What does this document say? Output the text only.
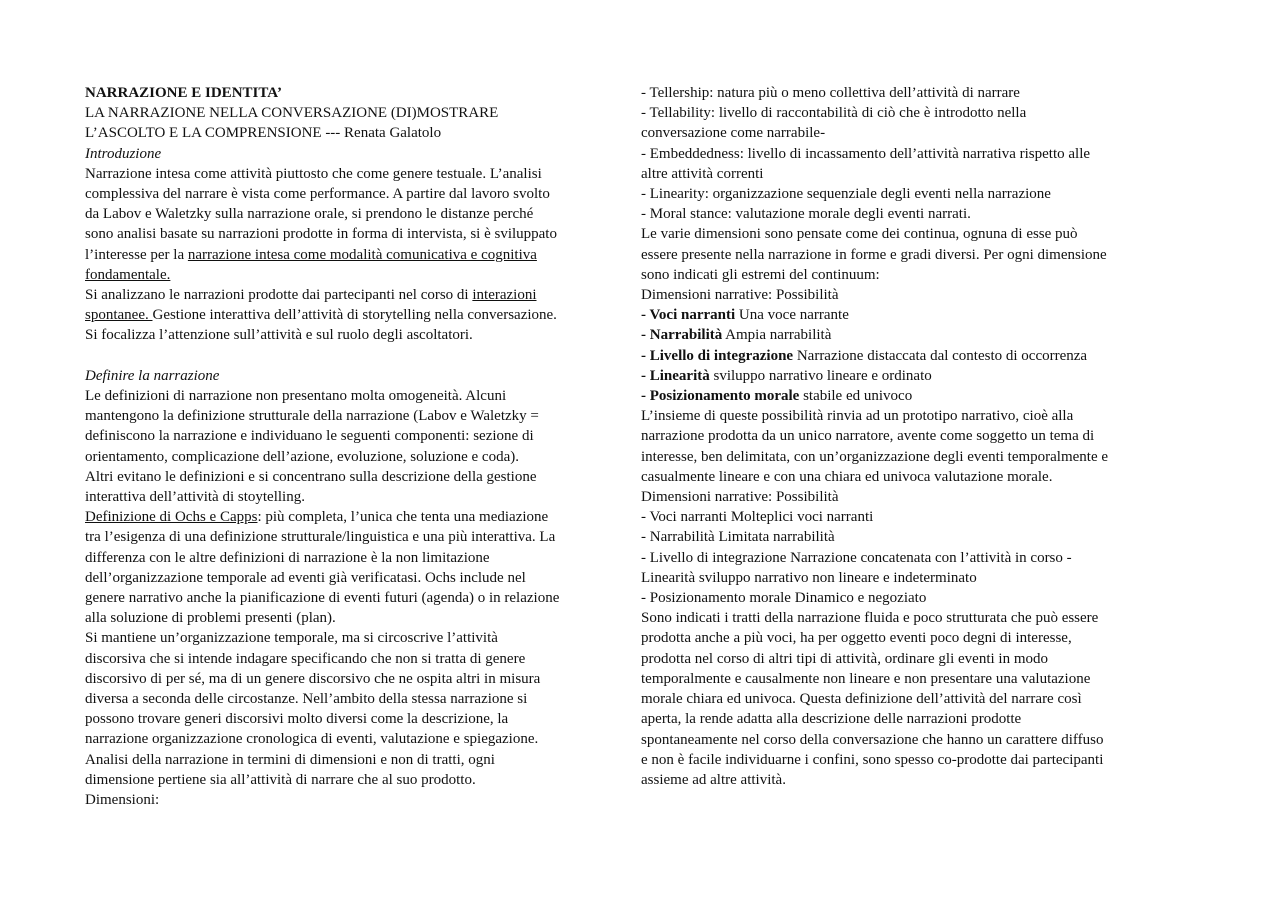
NARRAZIONE E IDENTITA’
LA NARRAZIONE NELLA CONVERSAZIONE (DI)MOSTRARE
L’ASCOLTO E LA COMPRENSIONE --- Renata Galatolo
Introduzione
Narrazione intesa come attività piuttosto che come genere testuale. L’analisi
complessiva del narrare è vista come performance. A partire dal lavoro svolto
da Labov e Waletzky sulla narrazione orale, si prendono le distanze perché
sono analisi basate su narrazioni prodotte in forma di intervista, si è sviluppato
l’interesse per la narrazione intesa come modalità comunicativa e cognitiva
fondamentale.
Si analizzano le narrazioni prodotte dai partecipanti nel corso di interazioni
spontanee. Gestione interattiva dell’attività di storytelling nella conversazione.
Si focalizza l’attenzione sull’attività e sul ruolo degli ascoltatori.
Definire la narrazione
Le definizioni di narrazione non presentano molta omogeneità. Alcuni
mantengono la definizione strutturale della narrazione (Labov e Waletzky =
definiscono la narrazione e individuano le seguenti componenti: sezione di
orientamento, complicazione dell’azione, evoluzione, soluzione e coda).
Altri evitano le definizioni e si concentrano sulla descrizione della gestione
interattiva dell’attività di stoytelling.
Definizione di Ochs e Capps: più completa, l’unica che tenta una mediazione
tra l’esigenza di una definizione strutturale/linguistica e una più interattiva. La
differenza con le altre definizioni di narrazione è la non limitazione
dell’organizzazione temporale ad eventi già verificatasi. Ochs include nel
genere narrativo anche la pianificazione di eventi futuri (agenda) o in relazione
alla soluzione di problemi presenti (plan).
Si mantiene un’organizzazione temporale, ma si circoscrive l’attività
discorsiva che si intende indagare specificando che non si tratta di genere
discorsivo di per sé, ma di un genere discorsivo che ne ospita altri in misura
diversa a seconda delle circostanze. Nell’ambito della stessa narrazione si
possono trovare generi discorsivi molto diversi come la descrizione, la
narrazione organizzazione cronologica di eventi, valutazione e spiegazione.
Analisi della narrazione in termini di dimensioni e non di tratti, ogni
dimensione pertiene sia all’attività di narrare che al suo prodotto.
Dimensioni:
- Tellership: natura più o meno collettiva dell’attività di narrare
- Tellability: livello di raccontabilità di ciò che è introdotto nella
conversazione come narrabile-
- Embeddedness: livello di incassamento dell’attività narrativa rispetto alle
altre attività correnti
- Linearity: organizzazione sequenziale degli eventi nella narrazione
- Moral stance: valutazione morale degli eventi narrati.
Le varie dimensioni sono pensate come dei continua, ognuna di esse può
essere presente nella narrazione in forme e gradi diversi. Per ogni dimensione
sono indicati gli estremi del continuum:
Dimensioni narrative: Possibilità
- Voci narranti Una voce narrante
- Narrabilità Ampia narrabilità
- Livello di integrazione Narrazione distaccata dal contesto di occorrenza
- Linearità sviluppo narrativo lineare e ordinato
- Posizionamento morale stabile ed univoco
L’insieme di queste possibilità rinvia ad un prototipo narrativo, cioè alla
narrazione prodotta da un unico narratore, avente come soggetto un tema di
interesse, ben delimitata, con un’organizzazione degli eventi temporalmente e
casualmente lineare e con una chiara ed univoca valutazione morale.
Dimensioni narrative: Possibilità
- Voci narranti Molteplici voci narranti
- Narrabilità Limitata narrabilità
- Livello di integrazione Narrazione concatenata con l’attività in corso -
Linearità sviluppo narrativo non lineare e indeterminato
- Posizionamento morale Dinamico e negoziato
Sono indicati i tratti della narrazione fluida e poco strutturata che può essere
prodotta anche a più voci, ha per oggetto eventi poco degni di interesse,
prodotta nel corso di altri tipi di attività, ordinare gli eventi in modo
temporalmente e causalmente non lineare e non presentare una valutazione
morale chiara ed univoca. Questa definizione dell’attività del narrare così
aperta, la rende adatta alla descrizione delle narrazioni prodotte
spontaneamente nel corso della conversazione che hanno un carattere diffuso
e non è facile individuarne i confini, sono spesso co-prodotte dai partecipanti
assieme ad altre attività.
